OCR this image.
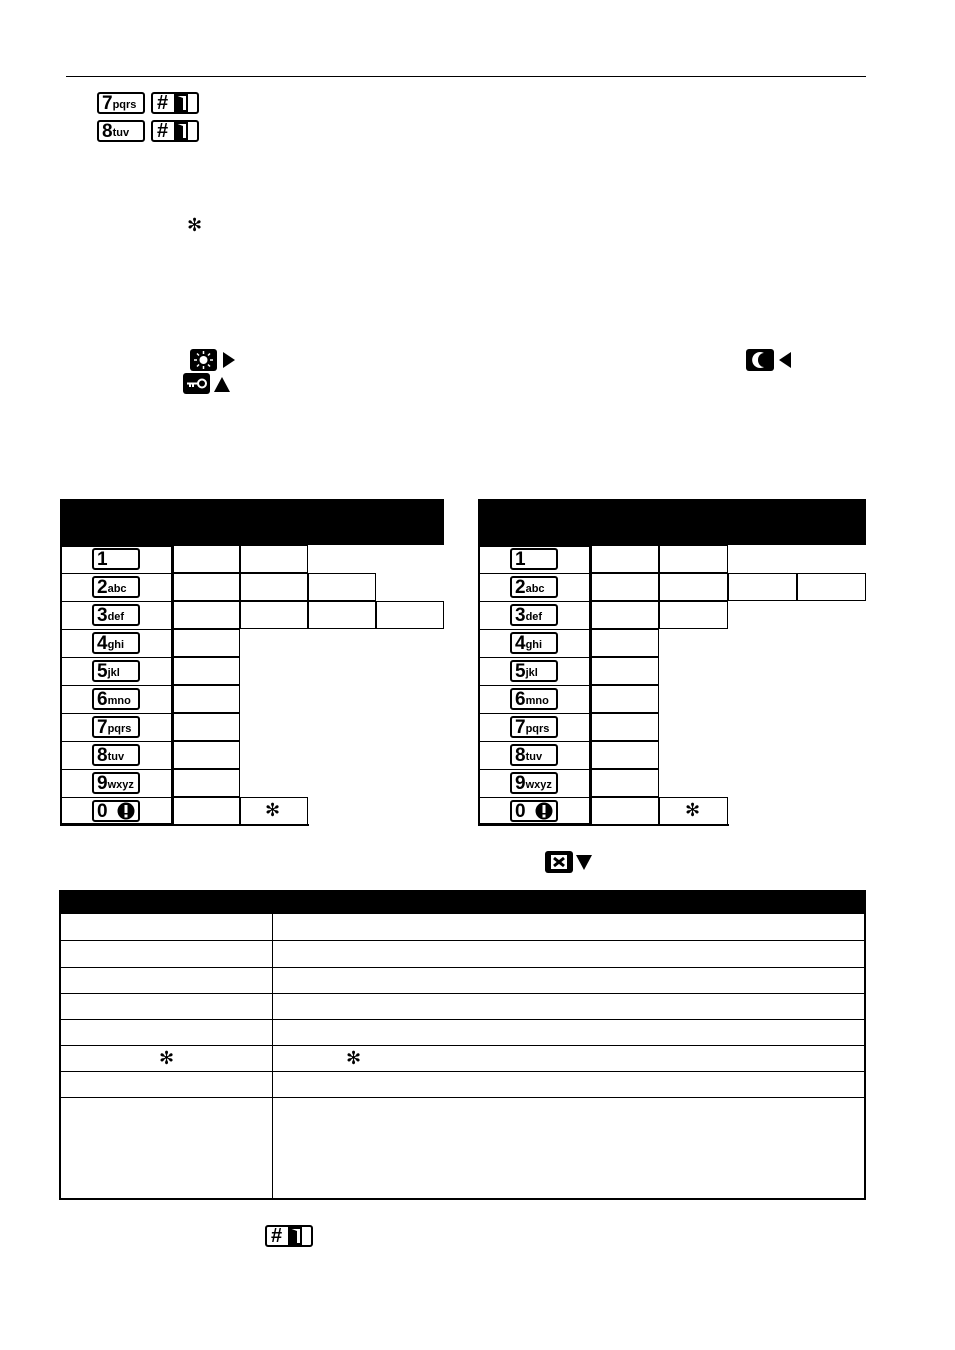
✻
7 pqrs #
8 tuv #
1
2 abc
3 def
4 ghi
5 jkl
6 mno
7 pqrs
8 tuv
9 wxyz
0
1
2 abc
3 def
4 ghi
5 jkl
6 mno
7 pqrs
8 tuv
9 wxyz
0
✻	✻
✻	✻
#
